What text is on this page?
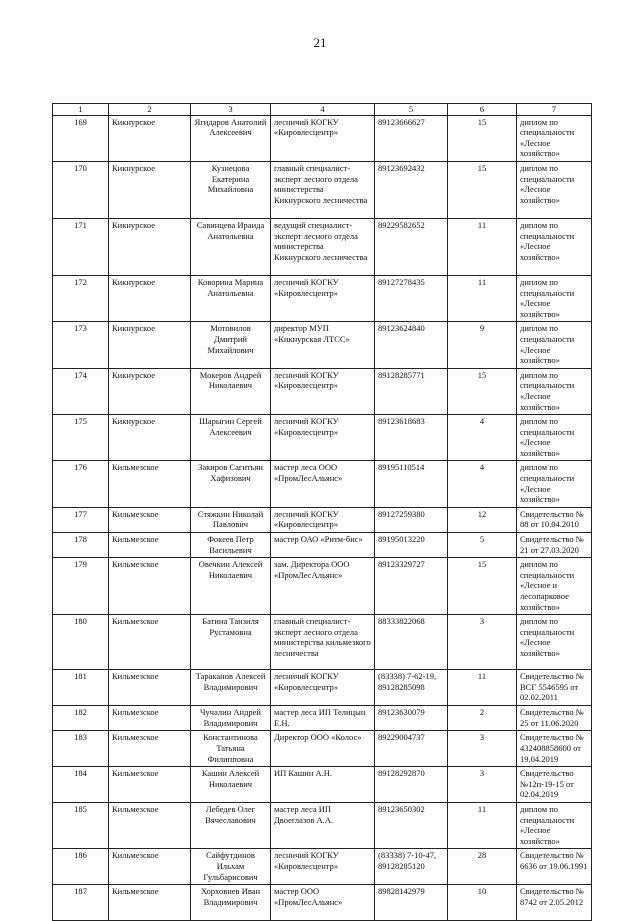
21
1	2	3	4	5	6	7
169	Кикнурское	Ягидаров Анатолий Алексеевич	лесничий КОГКУ «Кировлесцентр»	89123666627	15	диплом по специальности «Лесное хозяйство»
170	Кикнурское	Кузнецова Екатерина Михайловна	главный специалист-эксперт лесного отдела министерства Кикнурского лесничества	89123692432	15	диплом по специальности «Лесное хозяйство»
171	Кикнурское	Савинцева Ираида Анатольевна	ведущий специалист-эксперт лесного отдела министерства Кикнурского лесничества	89229582652	11	диплом по специальности «Лесное хозяйство»
172	Кикнурское	Коворина Марина Анатольевна	лесничий КОГКУ «Кировлесцентр»	89127278435	11	диплом по специальности «Лесное хозяйство»
173	Кикнурское	Мотовилов Дмитрий Михайлович	директор МУП «Кикнурская ЛТСС»	89123624840	9	диплом по специальности «Лесное хозяйство»
174	Кикнурское	Мокеров Андрей Николаевич	лесничий КОГКУ «Кировлесцентр»	89128285771	15	диплом по специальности «Лесное хозяйство»
175	Кикнурское	Шарыгин Сергей Алексеевич	лесничий КОГКУ «Кировлесцентр»	89123618683	4	диплом по специальности «Лесное хозяйство»
176	Кильмезское	Закиров Сагитьян Хафизович	мастер леса ООО «ПромЛесАльянс»	89195110514	4	диплом по специальности «Лесное хозяйство»
177	Кильмезское	Стяжкин Николай Павлович	лесничий КОГКУ «Кировлесцентр»	89127259380	12	Свидетельство № 88 от 10.04.2010
178	Кильмезское	Фокеев Петр Васильевич	мастер ОАО «Ритм-бис»	89195013220	5	Свидетельство № 21 от 27.03.2020
179	Кильмезское	Овечкин Алексей Николаевич	зам. Директора ООО «ПромЛесАльянс»	89123329727	15	диплом по специальности «Лесное и лесопарковое хозяйство»
180	Кильмезское	Батина Танзиля Рустамовна	главный специалист-эксперт лесного отдела министерства кильмезкого лесничества	88333822068	3	диплом по специальности «Лесное хозяйство»
181	Кильмезское	Тараканов Алексей Владимирович	лесничий КОГКУ «Кировлесцентр»	(83338) 7-62-19, 89128285098	11	Свидетельство № ВСГ 5546595 от 02.02.2011
182	Кильмезское	Чучалин Андрей Владимирович	мастер леса ИП Телицын Е.Н.	89123630079	2	Свидетельство № 25 от 11.06.2020
183	Кильмезское	Константинова Татьяна Филипповна	Директор ООО «Колос»	89229004737	3	Свидетельство № 432408858600 от 19.04.2019
184	Кильмезское	Кашин Алексей Николаевич	ИП Кашин А.Н.	89128292870	3	Свидетельство №12п-19-15 от 02.04.2019
185	Кильмезское	Лебедев Олег Вячеславович	мастер леса ИП Двоеглазов А.А.	89123650302	11	диплом по специальности «Лесное хозяйство»
186	Кильмезское	Сайфутдинов Ильхам Гульбарисович	лесничий КОГКУ «Кировлесцентр»	(83338) 7-10-47, 89128285120	28	Свидетельство № 6636 от 19.06.1991
187	Кильмезское	Хорховнев Иван Владимирович	мастер ООО «ПромЛесАльянс»	89828142979	10	Свидетельство № 8742 от 2.05.2012
